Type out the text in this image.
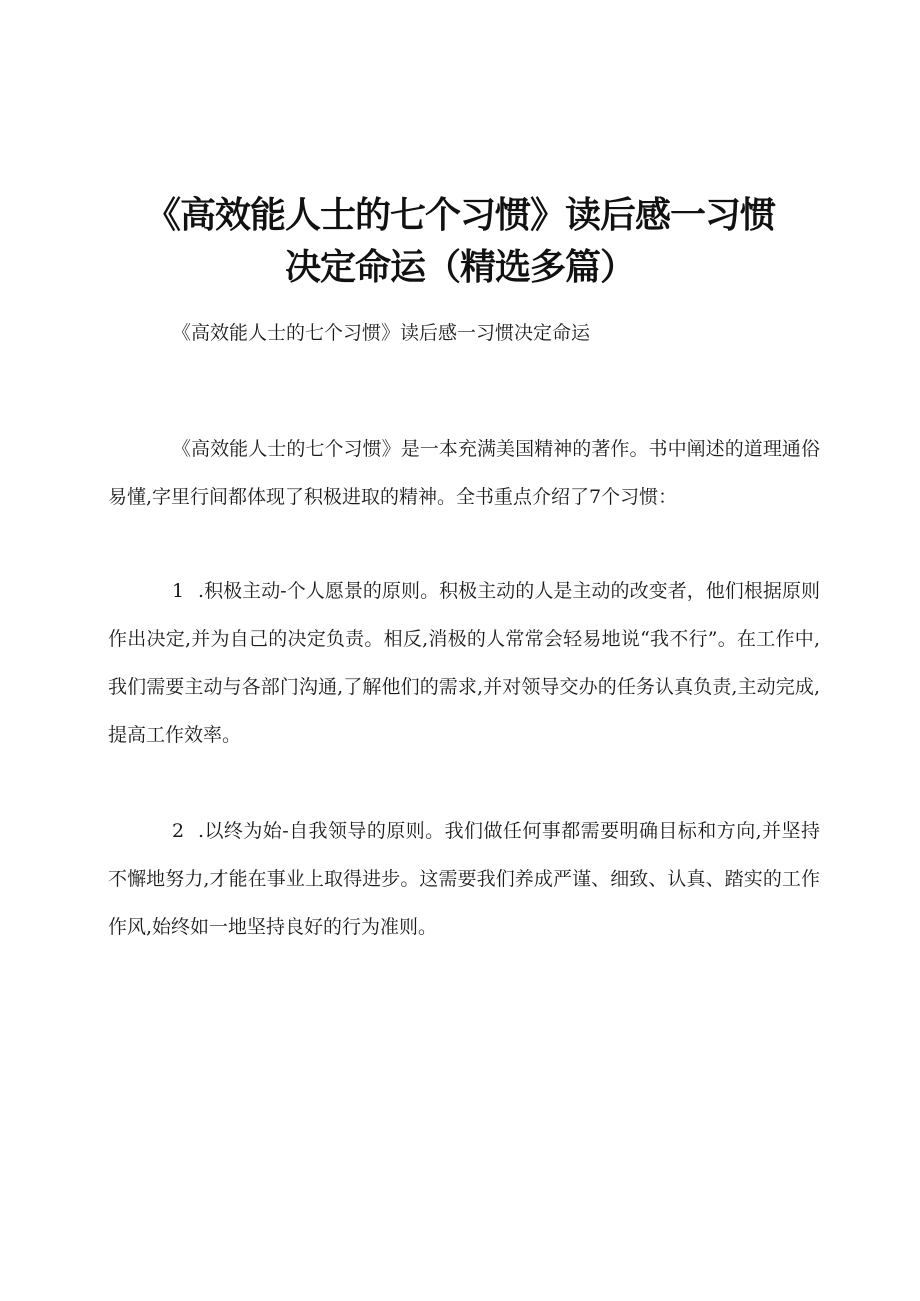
《高效能人士的七个习惯》读后感一习惯
决定命运（精选多篇）
《高效能人士的七个习惯》读后感一习惯决定命运

《高效能人士的七个习惯》是一本充满美国精神的著作。书中阐述的道理通俗易懂,字里行间都体现了积极进取的精神。全书重点介绍了7个习惯：

1 .积极主动-个人愿景的原则。积极主动的人是主动的改变者，他们根据原则作出决定,并为自己的决定负责。相反,消极的人常常会轻易地说“我不行”。在工作中,我们需要主动与各部门沟通,了解他们的需求,并对领导交办的任务认真负责,主动完成,提高工作效率。

2 .以终为始-自我领导的原则。我们做任何事都需要明确目标和方向,并坚持不懈地努力,才能在事业上取得进步。这需要我们养成严谨、细致、认真、踏实的工作作风,始终如一地坚持良好的行为准则。
